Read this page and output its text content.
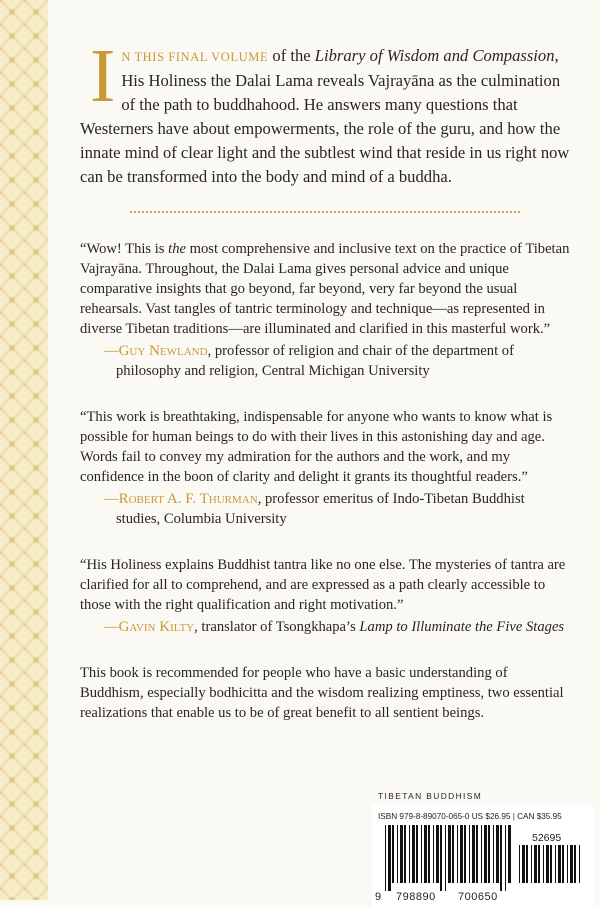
IN THIS FINAL VOLUME of the Library of Wisdom and Compassion, His Holiness the Dalai Lama reveals Vajrayāna as the culmination of the path to buddhahood. He answers many questions that Westerners have about empowerments, the role of the guru, and how the innate mind of clear light and the subtlest wind that reside in us right now can be transformed into the body and mind of a buddha.

“Wow! This is the most comprehensive and inclusive text on the practice of Tibetan Vajrayāna. Throughout, the Dalai Lama gives personal advice and unique comparative insights that go beyond, far beyond, very far beyond the usual rehearsals. Vast tangles of tantric terminology and technique—as represented in diverse Tibetan traditions—are illuminated and clarified in this masterful work.”

—Guy Newland, professor of religion and chair of the department of philosophy and religion, Central Michigan University

“This work is breathtaking, indispensable for anyone who wants to know what is possible for human beings to do with their lives in this astonishing day and age. Words fail to convey my admiration for the authors and the work, and my confidence in the boon of clarity and delight it grants its thoughtful readers.”

—Robert A. F. Thurman, professor emeritus of Indo-Tibetan Buddhist studies, Columbia University

“His Holiness explains Buddhist tantra like no one else. The mysteries of tantra are clarified for all to comprehend, and are expressed as a path clearly accessible to those with the right qualification and right motivation.”

—Gavin Kilty, translator of Tsongkhapa’s Lamp to Illuminate the Five Stages

This book is recommended for people who have a basic understanding of Buddhism, especially bodhicitta and the wisdom realizing emptiness, two essential realizations that enable us to be of great benefit to all sentient beings.

TIBETAN BUDDHISM
ISBN 979-8-89070-065-0 US $26.95 | CAN $35.95
52695
9 798890 700650
